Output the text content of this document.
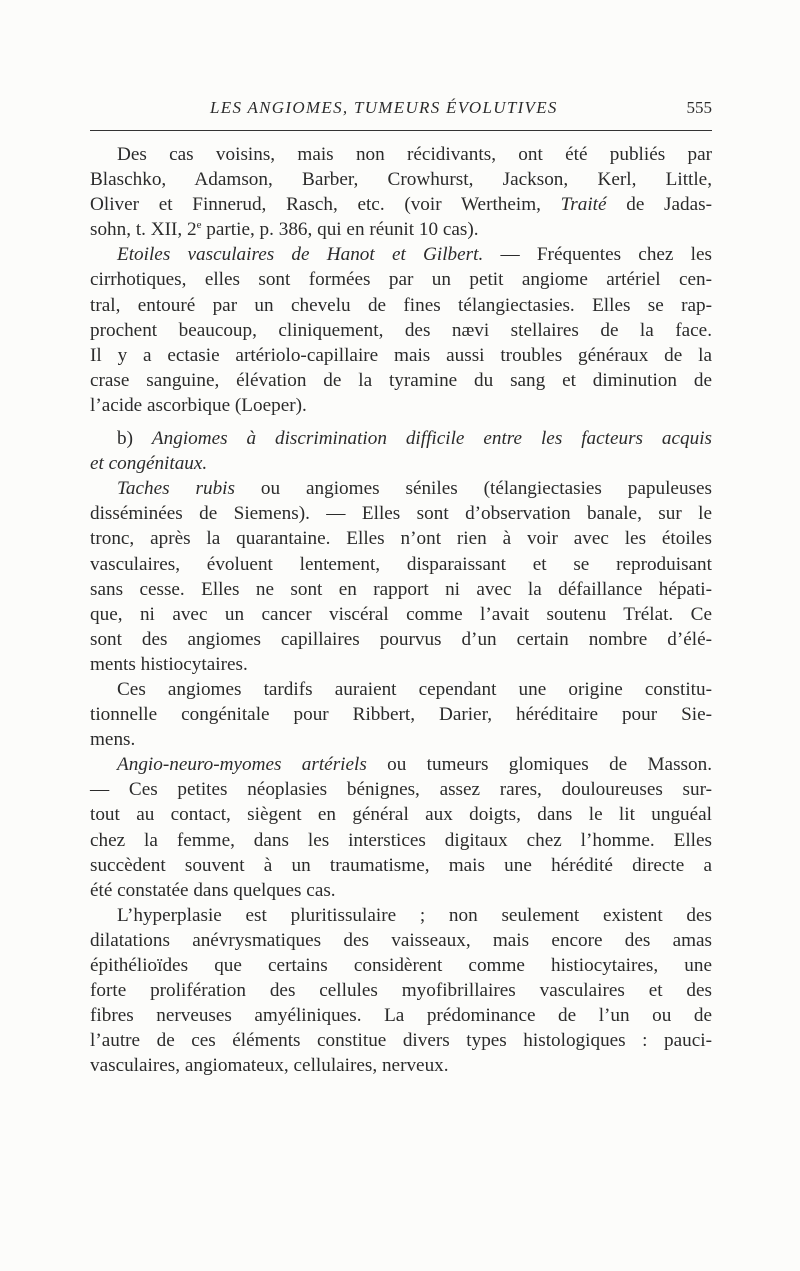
LES ANGIOMES, TUMEURS ÉVOLUTIVES	555
Des cas voisins, mais non récidivants, ont été publiés par
Blaschko, Adamson, Barber, Crowhurst, Jackson, Kerl, Little,
Oliver et Finnerud, Rasch, etc. (voir Wertheim, Traité de Jadas-
sohn, t. XII, 2e partie, p. 386, qui en réunit 10 cas).
Etoiles vasculaires de Hanot et Gilbert. — Fréquentes chez les
cirrhotiques, elles sont formées par un petit angiome artériel cen-
tral, entouré par un chevelu de fines télangiectasies. Elles se rap-
prochent beaucoup, cliniquement, des nævi stellaires de la face.
Il y a ectasie artériolo-capillaire mais aussi troubles généraux de la
crase sanguine, élévation de la tyramine du sang et diminution de
l’acide ascorbique (Loeper).
b) Angiomes à discrimination difficile entre les facteurs acquis
et congénitaux.
Taches rubis ou angiomes séniles (télangiectasies papuleuses
disséminées de Siemens). — Elles sont d’observation banale, sur le
tronc, après la quarantaine. Elles n’ont rien à voir avec les étoiles
vasculaires, évoluent lentement, disparaissant et se reproduisant
sans cesse. Elles ne sont en rapport ni avec la défaillance hépati-
que, ni avec un cancer viscéral comme l’avait soutenu Trélat. Ce
sont des angiomes capillaires pourvus d’un certain nombre d’élé-
ments histiocytaires.
Ces angiomes tardifs auraient cependant une origine constitu-
tionnelle congénitale pour Ribbert, Darier, héréditaire pour Sie-
mens.
Angio-neuro-myomes artériels ou tumeurs glomiques de Masson.
— Ces petites néoplasies bénignes, assez rares, douloureuses sur-
tout au contact, siègent en général aux doigts, dans le lit unguéal
chez la femme, dans les interstices digitaux chez l’homme. Elles
succèdent souvent à un traumatisme, mais une hérédité directe a
été constatée dans quelques cas.
L’hyperplasie est pluritissulaire ; non seulement existent des
dilatations anévrysmatiques des vaisseaux, mais encore des amas
épithélioïdes que certains considèrent comme histiocytaires, une
forte prolifération des cellules myofibrillaires vasculaires et des
fibres nerveuses amyéliniques. La prédominance de l’un ou de
l’autre de ces éléments constitue divers types histologiques : pauci-
vasculaires, angiomateux, cellulaires, nerveux.
